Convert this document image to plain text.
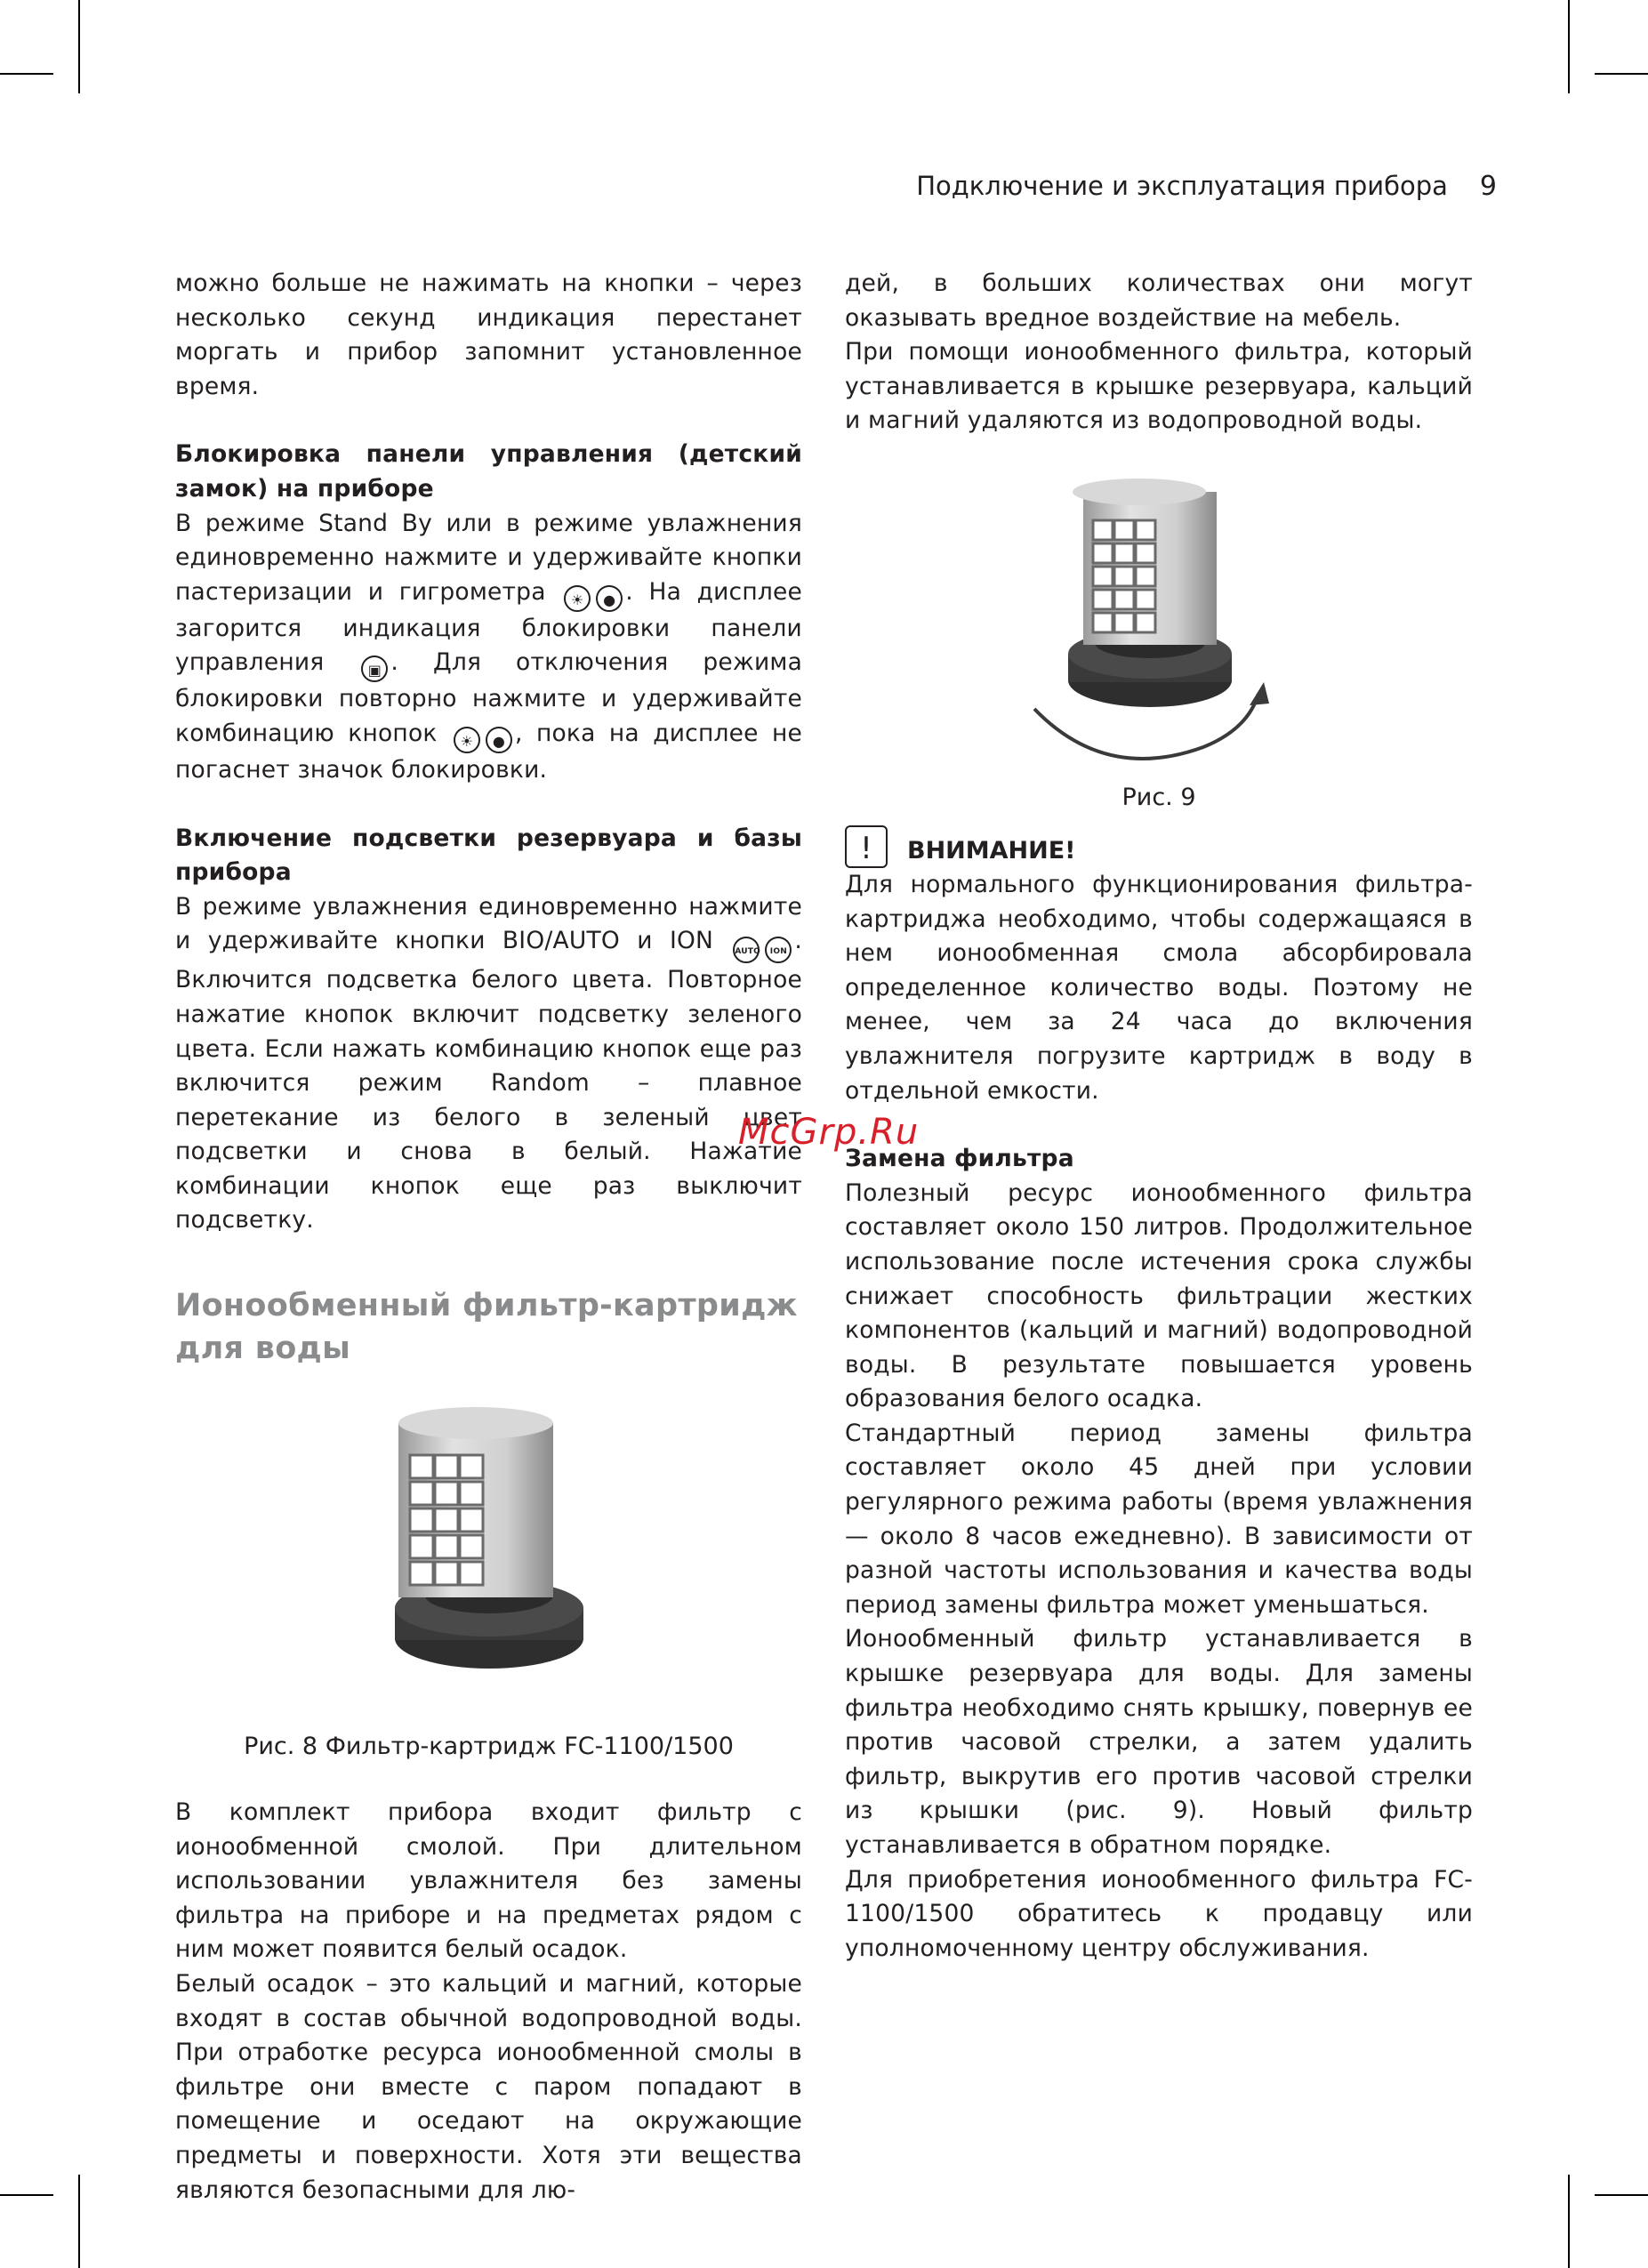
Подключение и эксплуатация прибора 9

можно больше не нажимать на кнопки – через несколько секунд индикация перестанет моргать и прибор запомнит установленное время.

Блокировка панели управления (детский замок) на приборе

В режиме Stand By или в режиме увлажнения единовременно нажмите и удерживайте кнопки пастеризации и гигрометра ☀ ● . На дисплее загорится индикация блокировки панели управления	▣ . Для отключения режима блокировки повторно нажмите и удерживайте комбинацию кнопок ☀ ● , пока на дисплее не погаснет значок блокировки.

Включение подсветки резервуара и базы прибора

В режиме увлажнения единовременно нажмите и удерживайте кнопки BIO/AUTO и ION	AUTO ION . Включится подсветка белого цвета. Повторное нажатие кнопок включит подсветку зеленого цвета. Если нажать комбинацию кнопок еще раз включится режим Random – плавное перетекание из белого в зеленый цвет подсветки и снова в белый. Нажатие комбинации кнопок еще раз выключит подсветку.

Ионообменный фильтр-картридж для воды

Рис. 8 Фильтр-картридж FC-1100/1500

В комплект прибора входит фильтр с ионообменной смолой. При длительном использовании увлажнителя без замены фильтра на приборе и на предметах рядом с ним может появится белый осадок.

Белый осадок – это кальций и магний, которые входят в состав обычной водопроводной воды. При отработке ресурса ионообменной смолы в фильтре они вместе с паром попадают в помещение и оседают на окружающие предметы и поверхности. Хотя эти вещества являются безопасными для лю-

дей, в больших количествах они могут оказывать вредное воздействие на мебель.

При помощи ионообменного фильтра, который устанавливается в крышке резервуара, кальций и магний удаляются из водопроводной воды.

Рис. 9

!	ВНИМАНИЕ!

Для нормального функционирования фильтра-картриджа необходимо, чтобы содержащаяся в нем ионообменная смола абсорбировала определенное количество воды. Поэтому не менее, чем за 24 часа до включения увлажнителя погрузите картридж в воду в отдельной емкости.

Замена фильтра

Полезный ресурс ионообменного фильтра составляет около 150 литров. Продолжительное использование после истечения срока службы снижает способность фильтрации жестких компонентов (кальций и магний) водопроводной воды. В результате повышается уровень образования белого осадка.

Стандартный период замены фильтра составляет около 45 дней при условии регулярного режима работы (время увлажнения — около 8 часов ежедневно). В зависимости от разной частоты использования и качества воды период замены фильтра может уменьшаться.

Ионообменный фильтр устанавливается в крышке резервуара для воды. Для замены фильтра необходимо снять крышку, повернув ее против часовой стрелки, а затем удалить фильтр, выкрутив его против часовой стрелки из крышки (рис. 9). Новый фильтр устанавливается в обратном порядке.

Для приобретения ионообменного фильтра FC-1100/1500 обратитесь к продавцу или уполномоченному центру обслуживания.

McGrp.Ru
